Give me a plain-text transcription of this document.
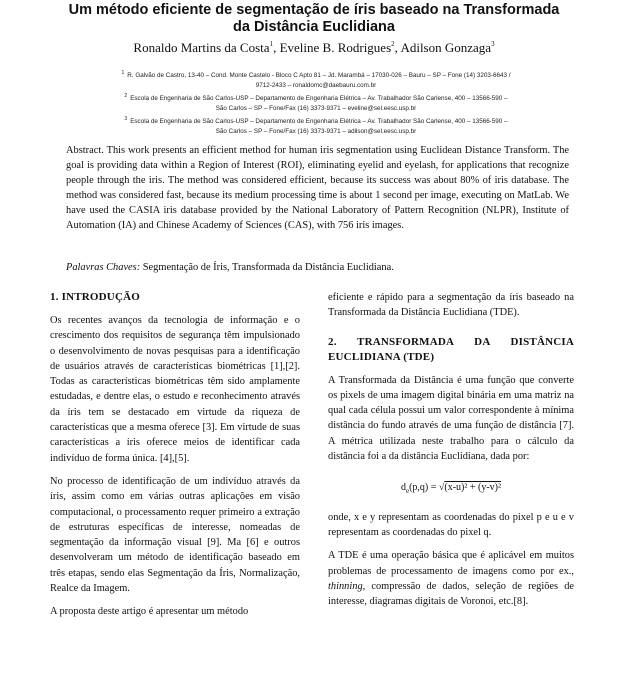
Um método eficiente de segmentação de íris baseado na Transformada
da Distância Euclidiana
Ronaldo Martins da Costa$^1$, Eveline B. Rodrigues$^2$, Adilson Gonzaga$^3$
$^1$ R. Galvão de Castro, 13-40 – Cond. Monte Castelo - Bloco C Apto 81 – Jd. Marambá – 17030-026 – Bauru – SP – Fone (14) 3203-6643 /
9712-2433 – ronaldomc@daebauru.com.br
$^2$ Escola de Engenharia de São Carlos-USP – Departamento de Engenharia Elétrica – Av. Trabalhador São Carlense, 400 – 13566-590 –
São Carlos – SP – Fone/Fax (16) 3373-9371 – eveline@sel.eesc.usp.br
$^3$ Escola de Engenharia de São Carlos-USP – Departamento de Engenharia Elétrica – Av. Trabalhador São Carlense, 400 – 13566-590 –
São Carlos – SP – Fone/Fax (16) 3373-9371 – adilson@sel.eesc.usp.br
Abstract. This work presents an efficient method for human iris segmentation using Euclidean Distance Transform. The goal is providing data within a Region of Interest (ROI), eliminating eyelid and eyelash, for applications that recognize people through the iris. The method was considered efficient, because its success was about 80% of iris database. The method was considered fast, because its medium processing time is about 1 second per image, executing on MatLab. We have used the CASIA iris database provided by the National Laboratory of Pattern Recognition (NLPR), Institute of Automation (IA) and Chinese Academy of Sciences (CAS), with 756 iris images.
Palavras Chaves: Segmentação de Íris, Transformada da Distância Euclidiana.
1. INTRODUÇÃO

Os recentes avanços da tecnologia de informação e o crescimento dos requisitos de segurança têm impulsionado o desenvolvimento de novas pesquisas para a identificação de usuários através de características biométricas [1],[2]. Todas as características biométricas têm sido amplamente estudadas, e dentre elas, o estudo e reconhecimento através da íris tem se destacado em virtude da riqueza de características que a mesma oferece [3]. Em virtude de suas características a íris oferece meios de identificar cada indivíduo de forma única. [4],[5].

No processo de identificação de um indivíduo através da íris, assim como em várias outras aplicações em visão computacional, o processamento requer primeiro a extração de estruturas específicas de interesse, nomeadas de segmentação da informação visual [9]. Ma [6] e outros desenvolveram um método de identificação baseado em três etapas, sendo elas Segmentação da Íris, Normalização, Realce da Imagem.

A proposta deste artigo é apresentar um método

eficiente e rápido para a segmentação da íris baseado na Transformada da Distância Euclidiana (TDE).

2. TRANSFORMADA DA DISTÂNCIA EUCLIDIANA (TDE)

A Transformada da Distância é uma função que converte os pixels de uma imagem digital binária em uma matriz na qual cada célula possui um valor correspondente à mínima distância do fundo através de uma função de distância [7]. A métrica utilizada neste trabalho para o cálculo da distância foi a da distância Euclidiana, dada por:

$d_e(p,q) = √(x-u)^2 + (y-v)^2$

onde, x e y representam as coordenadas do pixel p e u e v representam as coordenadas do pixel q.

A TDE é uma operação básica que é aplicável em muitos problemas de processamento de imagens como por ex., thinning, compressão de dados, seleção de regiões de interesse, diagramas digitais de Voronoi, etc.[8].
